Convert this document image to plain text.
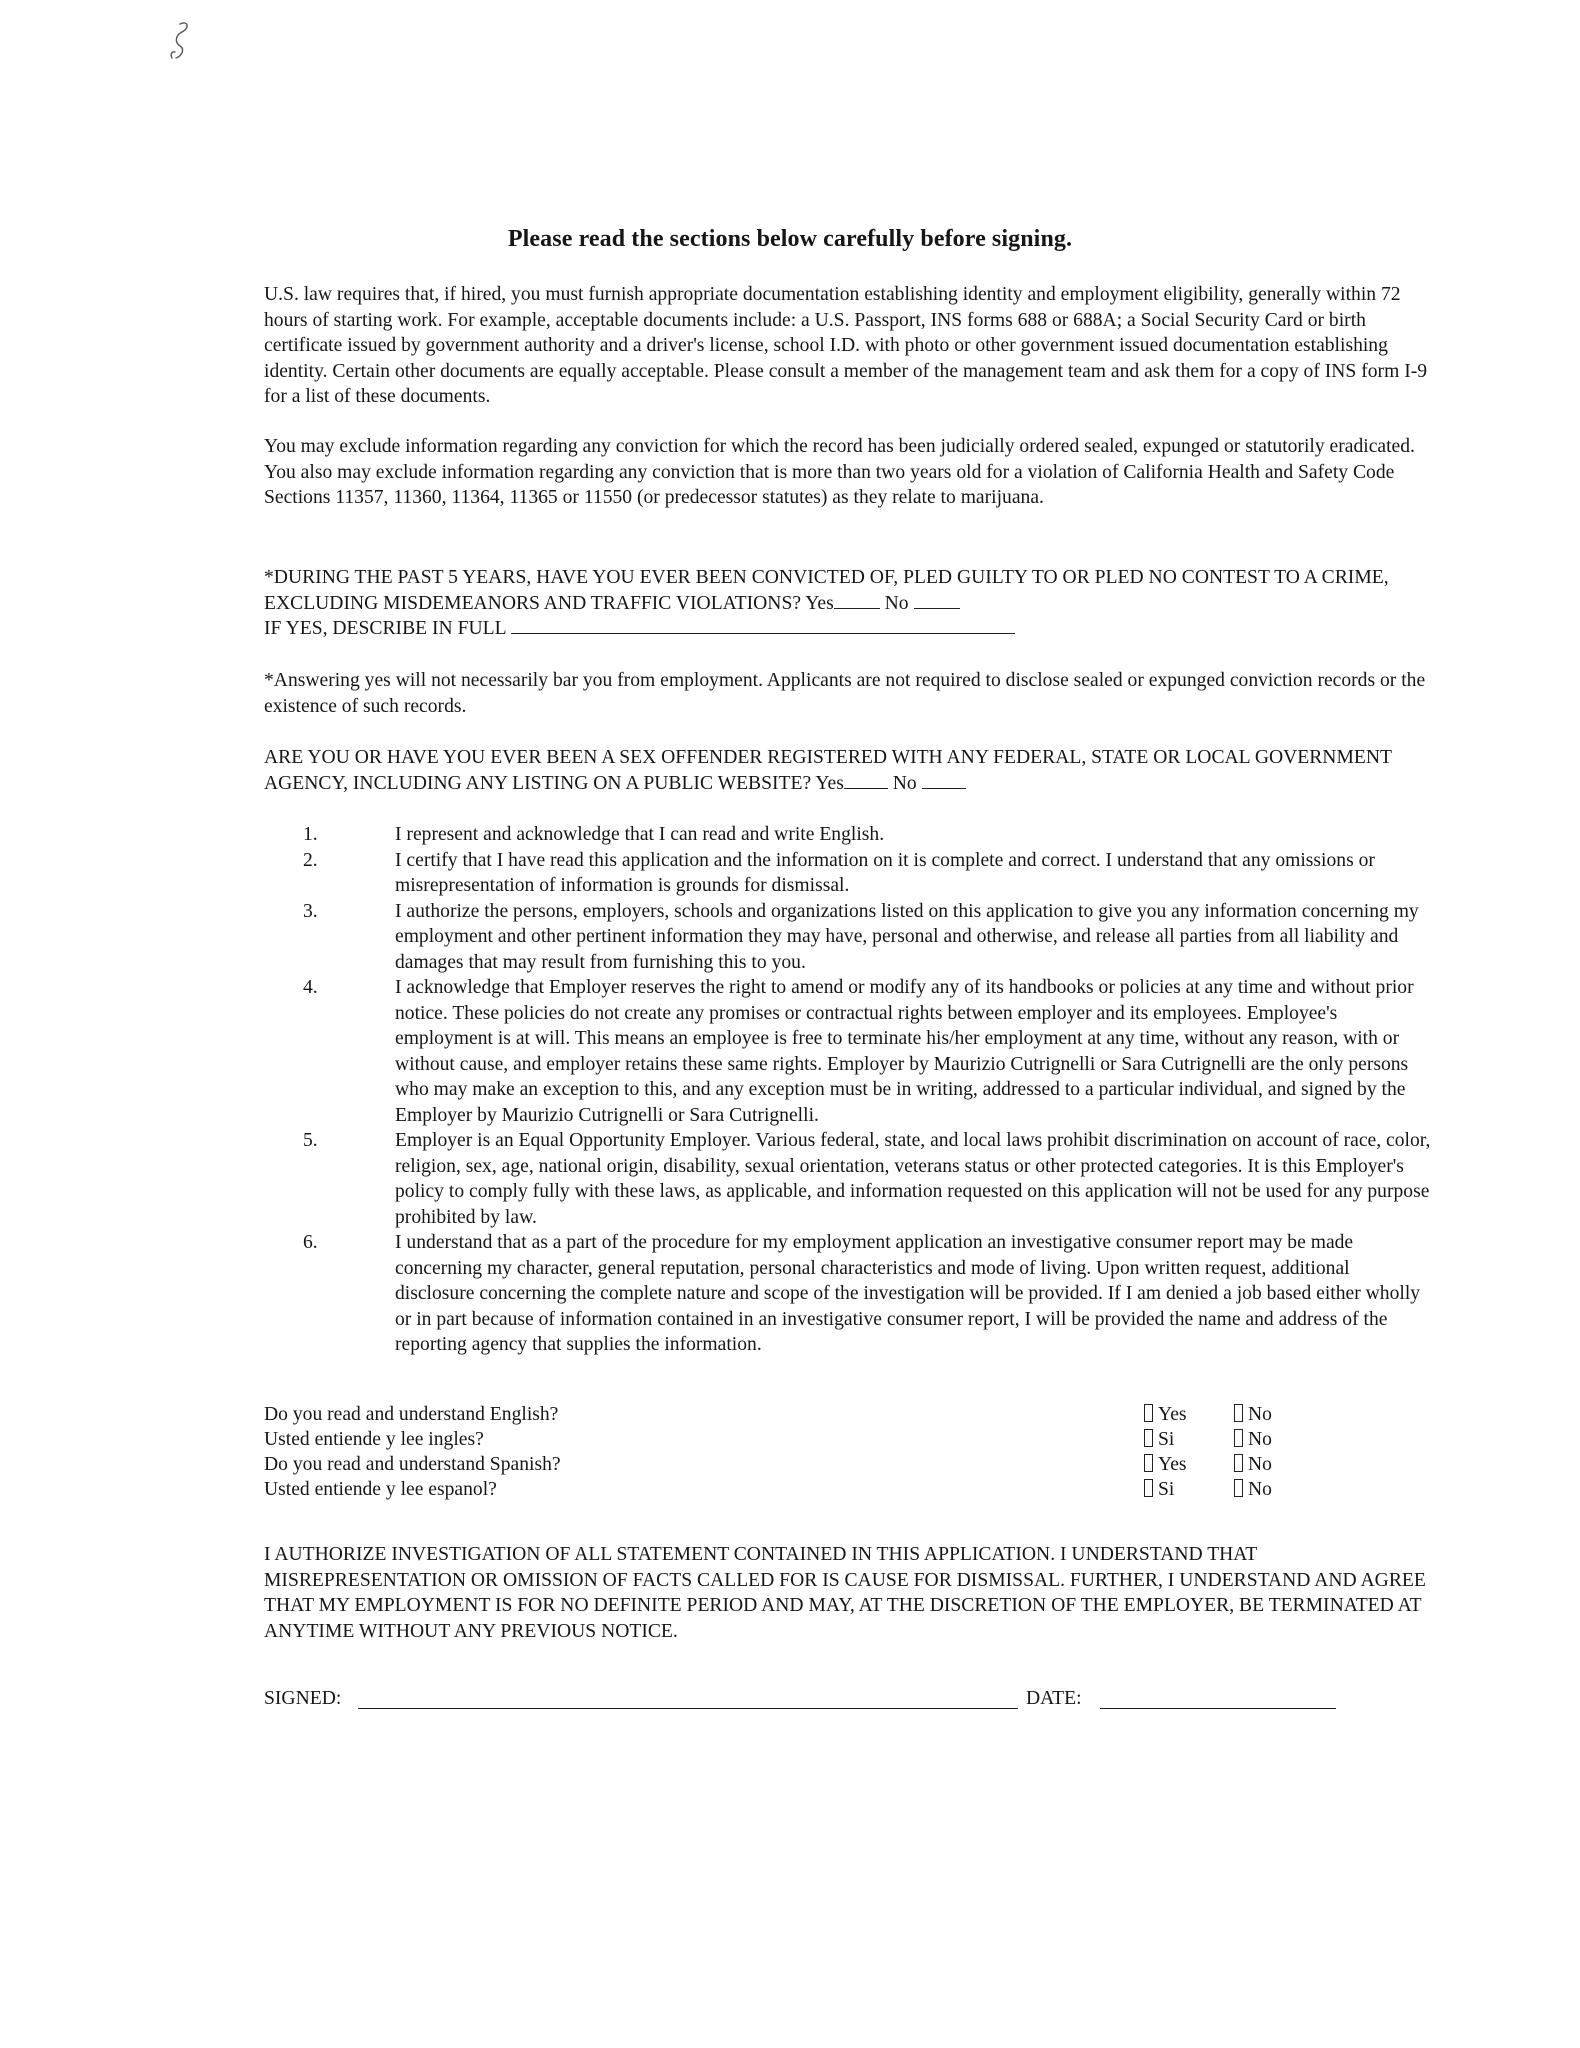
Please read the sections below carefully before signing.

U.S. law requires that, if hired, you must furnish appropriate documentation establishing identity and employment eligibility, generally within 72 hours of starting work. For example, acceptable documents include: a U.S. Passport, INS forms 688 or 688A; a Social Security Card or birth certificate issued by government authority and a driver's license, school I.D. with photo or other government issued documentation establishing identity. Certain other documents are equally acceptable. Please consult a member of the management team and ask them for a copy of INS form I-9 for a list of these documents.

You may exclude information regarding any conviction for which the record has been judicially ordered sealed, expunged or statutorily eradicated. You also may exclude information regarding any conviction that is more than two years old for a violation of California Health and Safety Code Sections 11357, 11360, 11364, 11365 or 11550 (or predecessor statutes) as they relate to marijuana.

*DURING THE PAST 5 YEARS, HAVE YOU EVER BEEN CONVICTED OF, PLED GUILTY TO OR PLED NO CONTEST TO A CRIME, EXCLUDING MISDEMEANORS AND TRAFFIC VIOLATIONS? Yes	No

IF YES, DESCRIBE IN FULL

*Answering yes will not necessarily bar you from employment. Applicants are not required to disclose sealed or expunged conviction records or the existence of such records.

ARE YOU OR HAVE YOU EVER BEEN A SEX OFFENDER REGISTERED WITH ANY FEDERAL, STATE OR LOCAL GOVERNMENT AGENCY, INCLUDING ANY LISTING ON A PUBLIC WEBSITE? Yes No

1.	I represent and acknowledge that I can read and write English.
2.	I certify that I have read this application and the information on it is complete and correct. I understand that any omissions or misrepresentation of information is grounds for dismissal.
3.	I authorize the persons, employers, schools and organizations listed on this application to give you any information concerning my employment and other pertinent information they may have, personal and otherwise, and release all parties from all liability and damages that may result from furnishing this to you.
4.	I acknowledge that Employer reserves the right to amend or modify any of its handbooks or policies at any time and without prior notice. These policies do not create any promises or contractual rights between employer and its employees. Employee's employment is at will. This means an employee is free to terminate his/her employment at any time, without any reason, with or without cause, and employer retains these same rights. Employer by Maurizio Cutrignelli or Sara Cutrignelli are the only persons who may make an exception to this, and any exception must be in writing, addressed to a particular individual, and signed by the Employer by Maurizio Cutrignelli or Sara Cutrignelli.
5.	Employer is an Equal Opportunity Employer. Various federal, state, and local laws prohibit discrimination on account of race, color, religion, sex, age, national origin, disability, sexual orientation, veterans status or other protected categories. It is this Employer's policy to comply fully with these laws, as applicable, and information requested on this application will not be used for any purpose prohibited by law.
6.	I understand that as a part of the procedure for my employment application an investigative consumer report may be made concerning my character, general reputation, personal characteristics and mode of living. Upon written request, additional disclosure concerning the complete nature and scope of the investigation will be provided. If I am denied a job based either wholly or in part because of information contained in an investigative consumer report, I will be provided the name and address of the reporting agency that supplies the information.
Do you read and understand English?	Yes	No
Usted entiende y lee ingles?	Si	No
Do you read and understand Spanish?	Yes	No
Usted entiende y lee espanol?	Si	No

I AUTHORIZE INVESTIGATION OF ALL STATEMENT CONTAINED IN THIS APPLICATION. I UNDERSTAND THAT MISREPRESENTATION OR OMISSION OF FACTS CALLED FOR IS CAUSE FOR DISMISSAL. FURTHER, I UNDERSTAND AND AGREE THAT MY EMPLOYMENT IS FOR NO DEFINITE PERIOD AND MAY, AT THE DISCRETION OF THE EMPLOYER, BE TERMINATED AT ANYTIME WITHOUT ANY PREVIOUS NOTICE.

SIGNED:	DATE:
